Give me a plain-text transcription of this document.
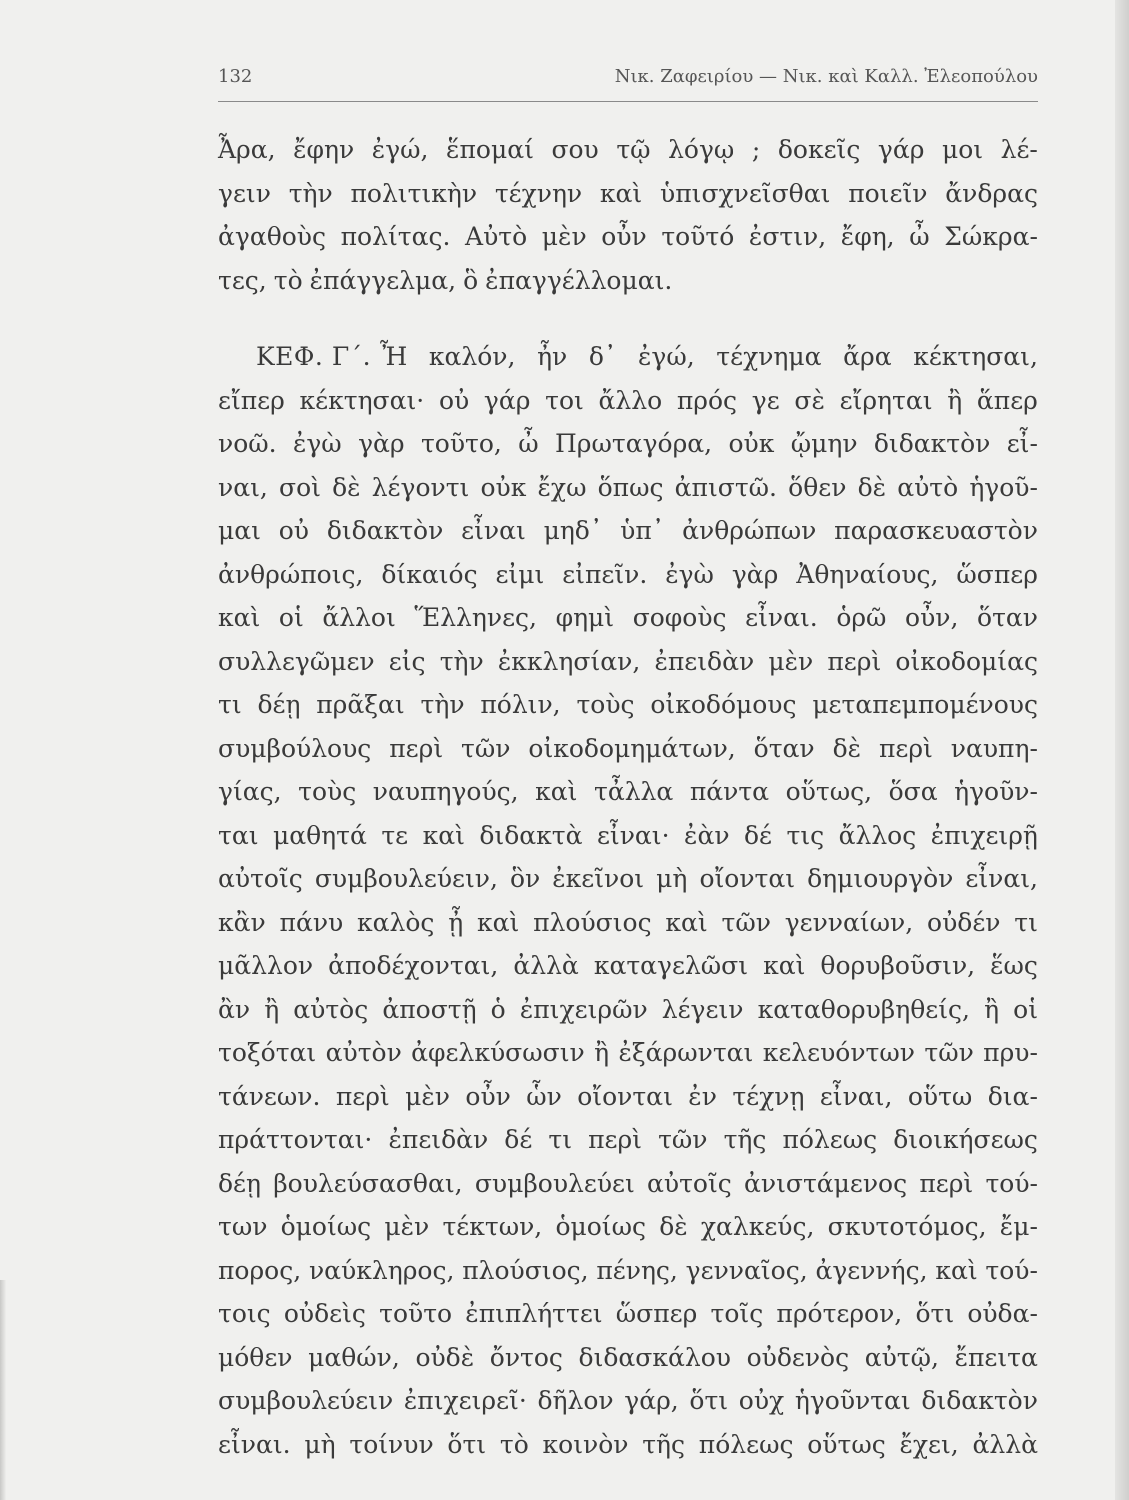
132	Νικ. Ζαφειρίου — Νικ. καὶ Καλλ. Ἐλεοπούλου
Ἆρα, ἔφην ἐγώ, ἕπομαί σου τῷ λόγῳ ; δοκεῖς γάρ μοι λέ-
γειν τὴν πολιτικὴν τέχνην καὶ ὑπισχνεῖσθαι ποιεῖν ἄνδρας
ἀγαθοὺς πολίτας. Αὐτὸ μὲν οὖν τοῦτό ἐστιν, ἔφη, ὦ Σώκρα-
τες, τὸ ἐπάγγελμα, ὃ ἐπαγγέλλομαι.
ΚΕΦ. Γ΄. Ἦ καλόν, ἦν δ᾽ ἐγώ, τέχνημα ἄρα κέκτησαι,
εἴπερ κέκτησαι· οὐ γάρ τοι ἄλλο πρός γε σὲ εἴρηται ἢ ἅπερ
νοῶ. ἐγὼ γὰρ τοῦτο, ὦ Πρωταγόρα, οὐκ ᾤμην διδακτὸν εἶ-
ναι, σοὶ δὲ λέγοντι οὐκ ἔχω ὅπως ἀπιστῶ. ὅθεν δὲ αὐτὸ ἡγοῦ-
μαι οὐ διδακτὸν εἶναι μηδ᾽ ὑπ᾽ ἀνθρώπων παρασκευαστὸν
ἀνθρώποις, δίκαιός εἰμι εἰπεῖν. ἐγὼ γὰρ Ἀθηναίους, ὥσπερ
καὶ οἱ ἄλλοι Ἕλληνες, φημὶ σοφοὺς εἶναι. ὁρῶ οὖν, ὅταν
συλλεγῶμεν εἰς τὴν ἐκκλησίαν, ἐπειδὰν μὲν περὶ οἰκοδομίας
τι δέῃ πρᾶξαι τὴν πόλιν, τοὺς οἰκοδόμους μεταπεμπομένους
συμβούλους περὶ τῶν οἰκοδομημάτων, ὅταν δὲ περὶ ναυπη-
γίας, τοὺς ναυπηγούς, καὶ τἆλλα πάντα οὕτως, ὅσα ἡγοῦν-
ται μαθητά τε καὶ διδακτὰ εἶναι· ἐὰν δέ τις ἄλλος ἐπιχειρῇ
αὐτοῖς συμβουλεύειν, ὃν ἐκεῖνοι μὴ οἴονται δημιουργὸν εἶναι,
κἂν πάνυ καλὸς ᾖ καὶ πλούσιος καὶ τῶν γενναίων, οὐδέν τι
μᾶλλον ἀποδέχονται, ἀλλὰ καταγελῶσι καὶ θορυβοῦσιν, ἕως
ἂν ἢ αὐτὸς ἀποστῇ ὁ ἐπιχειρῶν λέγειν καταθορυβηθείς, ἢ οἱ
τοξόται αὐτὸν ἀφελκύσωσιν ἢ ἐξάρωνται κελευόντων τῶν πρυ-
τάνεων. περὶ μὲν οὖν ὧν οἴονται ἐν τέχνῃ εἶναι, οὕτω δια-
πράττονται· ἐπειδὰν δέ τι περὶ τῶν τῆς πόλεως διοικήσεως
δέῃ βουλεύσασθαι, συμβουλεύει αὐτοῖς ἀνιστάμενος περὶ τού-
των ὁμοίως μὲν τέκτων, ὁμοίως δὲ χαλκεύς, σκυτοτόμος, ἔμ-
πορος, ναύκληρος, πλούσιος, πένης, γενναῖος, ἀγεννής, καὶ τού-
τοις οὐδεὶς τοῦτο ἐπιπλήττει ὥσπερ τοῖς πρότερον, ὅτι οὐδα-
μόθεν μαθών, οὐδὲ ὄντος διδασκάλου οὐδενὸς αὐτῷ, ἔπειτα
συμβουλεύειν ἐπιχειρεῖ· δῆλον γάρ, ὅτι οὐχ ἡγοῦνται διδακτὸν
εἶναι. μὴ τοίνυν ὅτι τὸ κοινὸν τῆς πόλεως οὕτως ἔχει, ἀλλὰ
